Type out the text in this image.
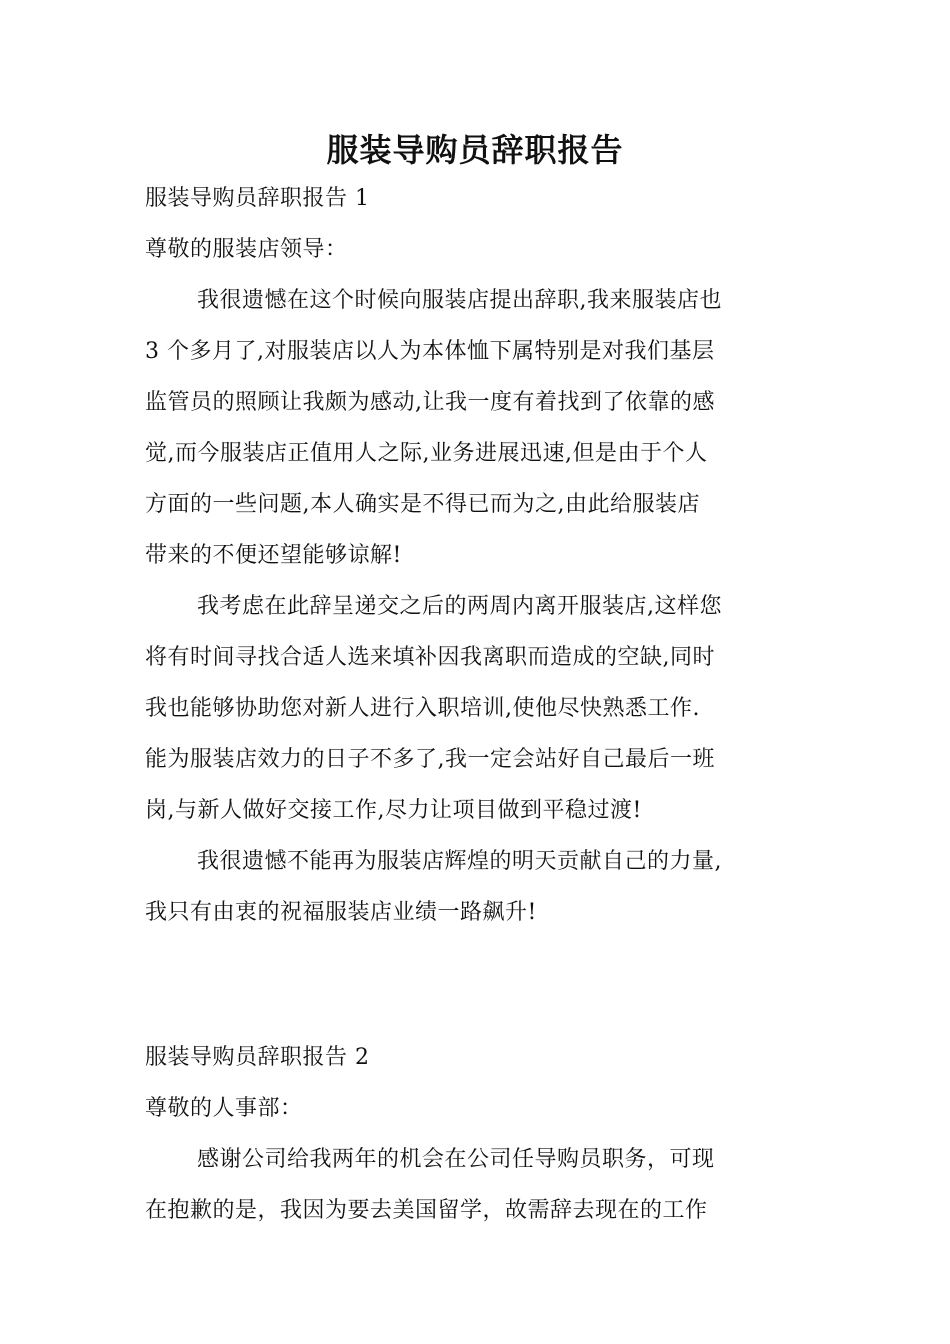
服装导购员辞职报告
服装导购员辞职报告 1
尊敬的服装店领导：
我很遗憾在这个时候向服装店提出辞职,我来服装店也
3 个多月了,对服装店以人为本体恤下属特别是对我们基层
监管员的照顾让我颇为感动,让我一度有着找到了依靠的感
觉,而今服装店正值用人之际,业务进展迅速,但是由于个人
方面的一些问题,本人确实是不得已而为之,由此给服装店
带来的不便还望能够谅解!
我考虑在此辞呈递交之后的两周内离开服装店,这样您
将有时间寻找合适人选来填补因我离职而造成的空缺,同时
我也能够协助您对新人进行入职培训,使他尽快熟悉工作.
能为服装店效力的日子不多了,我一定会站好自己最后一班
岗,与新人做好交接工作,尽力让项目做到平稳过渡!
我很遗憾不能再为服装店辉煌的明天贡献自己的力量,
我只有由衷的祝福服装店业绩一路飙升!
服装导购员辞职报告 2
尊敬的人事部：
感谢公司给我两年的机会在公司任导购员职务，可现
在抱歉的是，我因为要去美国留学，故需辞去现在的工作
